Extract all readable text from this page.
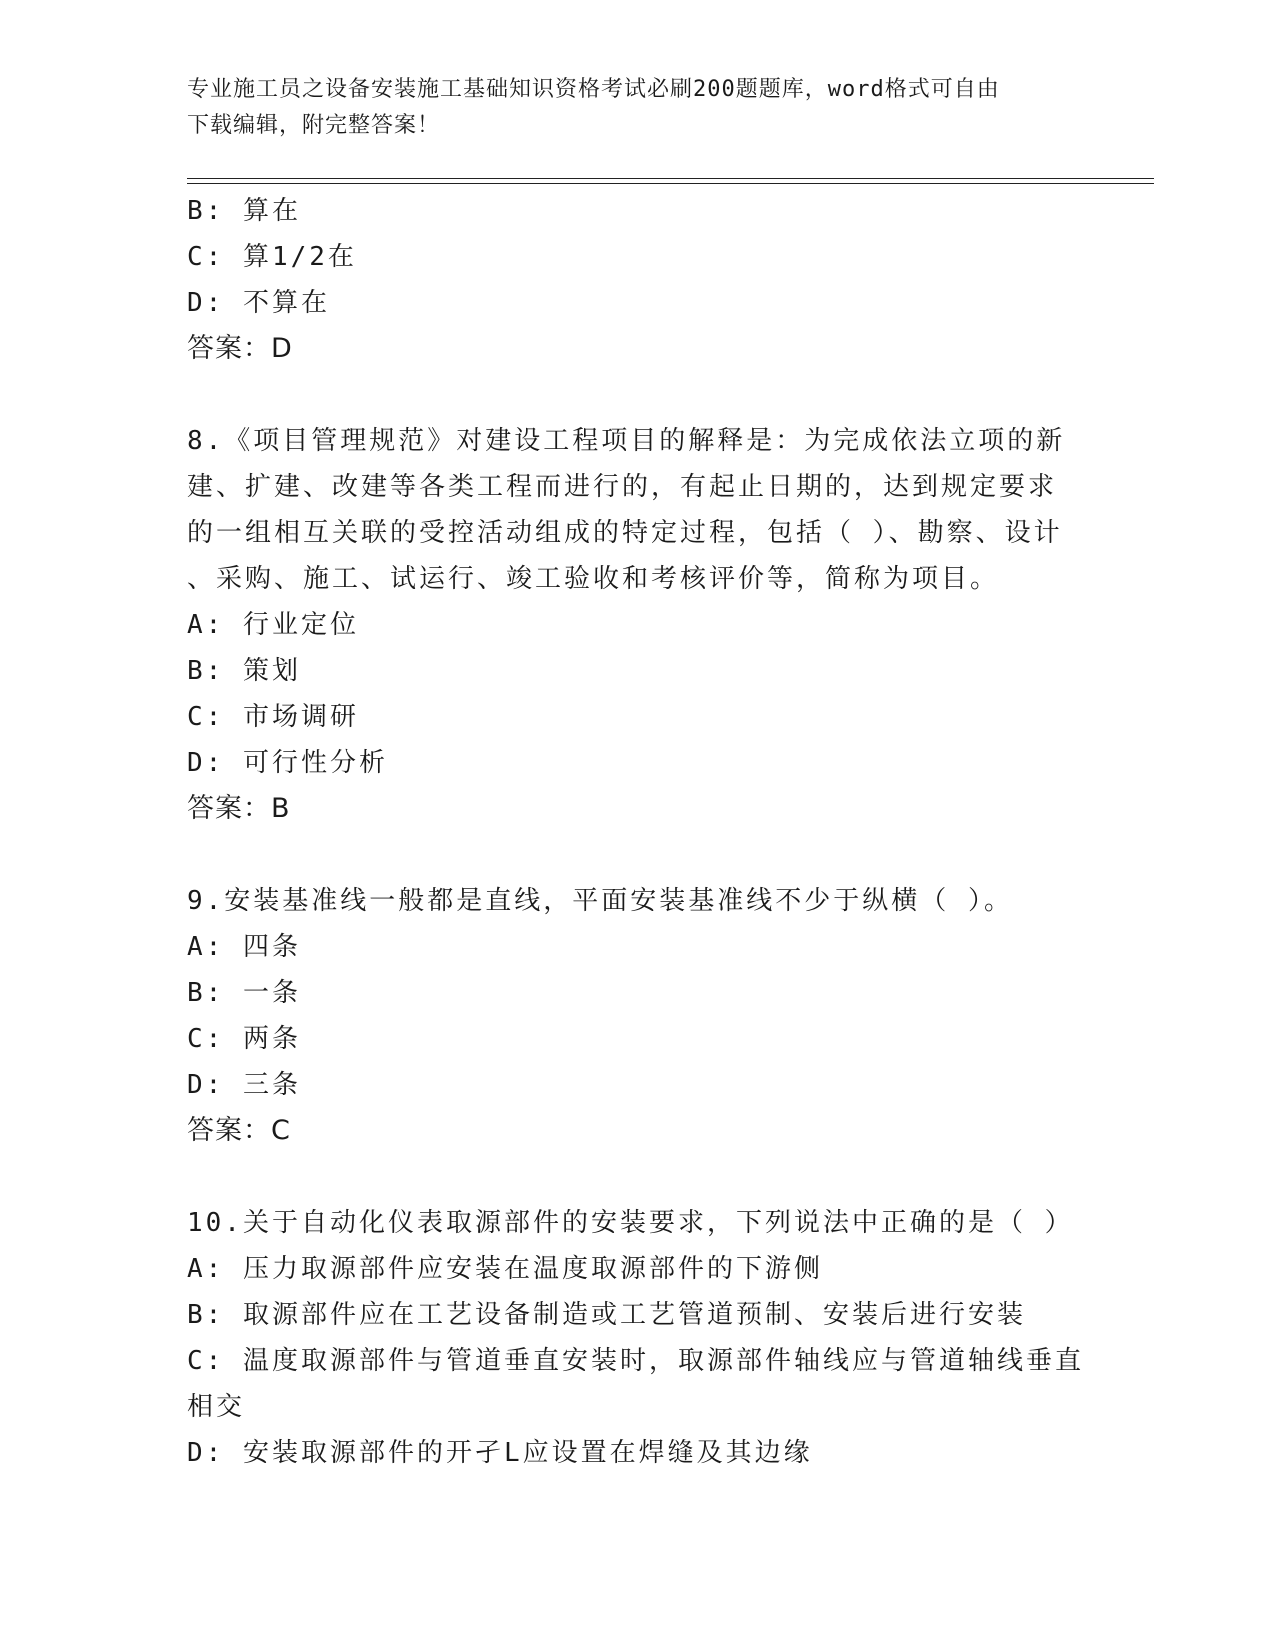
专业施工员之设备安装施工基础知识资格考试必刷200题题库，word格式可自由
下载编辑，附完整答案！
B: 算在
C: 算1/2在
D: 不算在
答案：D
8.《项目管理规范》对建设工程项目的解释是：为完成依法立项的新
建、扩建、改建等各类工程而进行的，有起止日期的，达到规定要求
的一组相互关联的受控活动组成的特定过程，包括（ ）、勘察、设计
、采购、施工、试运行、竣工验收和考核评价等，简称为项目。
A: 行业定位
B: 策划
C: 市场调研
D: 可行性分析
答案：B
9.安装基准线一般都是直线，平面安装基准线不少于纵横（ ）。
A: 四条
B: 一条
C: 两条
D: 三条
答案：C
10.关于自动化仪表取源部件的安装要求，下列说法中正确的是（ ）
A: 压力取源部件应安装在温度取源部件的下游侧
B: 取源部件应在工艺设备制造或工艺管道预制、安装后进行安装
C: 温度取源部件与管道垂直安装时，取源部件轴线应与管道轴线垂直
相交
D: 安装取源部件的开孑L应设置在焊缝及其边缘
